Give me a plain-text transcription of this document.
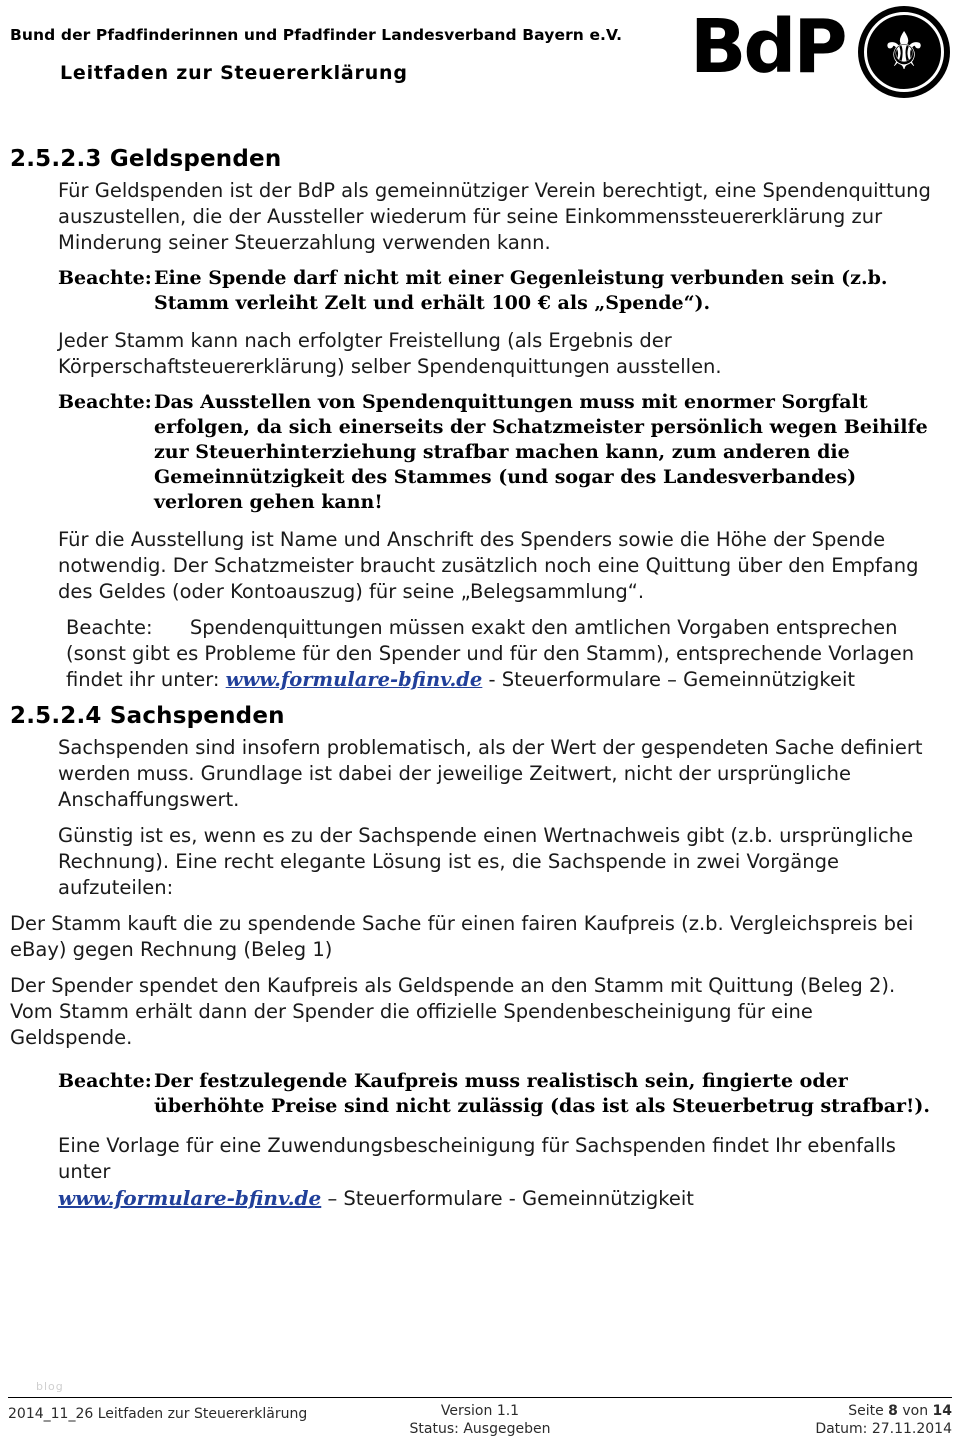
Bund der Pfadfinderinnen und Pfadfinder Landesverband Bayern e.V.
Leitfaden zur Steuererklärung	BdP ⚜
2.5.2.3 Geldspenden

Für Geldspenden ist der BdP als gemeinnütziger Verein berechtigt, eine Spendenquittung auszustellen, die der Aussteller wiederum für seine Einkommenssteuererklärung zur Minderung seiner Steuerzahlung verwenden kann.

Beachte: Eine Spende darf nicht mit einer Gegenleistung verbunden sein (z.b. Stamm verleiht Zelt und erhält 100 € als „Spende“).

Jeder Stamm kann nach erfolgter Freistellung (als Ergebnis der Körperschaftsteuererklärung) selber Spendenquittungen ausstellen.

Beachte: Das Ausstellen von Spendenquittungen muss mit enormer Sorgfalt erfolgen, da sich einerseits der Schatzmeister persönlich wegen Beihilfe zur Steuerhinterziehung strafbar machen kann, zum anderen die Gemeinnützigkeit des Stammes (und sogar des Landesverbandes) verloren gehen kann!

Für die Ausstellung ist Name und Anschrift des Spenders sowie die Höhe der Spende notwendig. Der Schatzmeister braucht zusätzlich noch eine Quittung über den Empfang des Geldes (oder Kontoauszug) für seine „Belegsammlung“.

Beachte: Spendenquittungen müssen exakt den amtlichen Vorgaben entsprechen (sonst gibt es Probleme für den Spender und für den Stamm), entsprechende Vorlagen findet ihr unter: www.formulare-bfinv.de - Steuerformulare – Gemeinnützigkeit

2.5.2.4 Sachspenden

Sachspenden sind insofern problematisch, als der Wert der gespendeten Sache definiert werden muss. Grundlage ist dabei der jeweilige Zeitwert, nicht der ursprüngliche Anschaffungswert.

Günstig ist es, wenn es zu der Sachspende einen Wertnachweis gibt (z.b. ursprüngliche Rechnung). Eine recht elegante Lösung ist es, die Sachspende in zwei Vorgänge aufzuteilen:

Der Stamm kauft die zu spendende Sache für einen fairen Kaufpreis (z.b. Vergleichspreis bei eBay) gegen Rechnung (Beleg 1)

Der Spender spendet den Kaufpreis als Geldspende an den Stamm mit Quittung (Beleg 2). Vom Stamm erhält dann der Spender die offizielle Spendenbescheinigung für eine Geldspende.

Beachte: Der festzulegende Kaufpreis muss realistisch sein, fingierte oder überhöhte Preise sind nicht zulässig (das ist als Steuerbetrug strafbar!).

Eine Vorlage für eine Zuwendungsbescheinigung für Sachspenden findet Ihr ebenfalls unter
www.formulare-bfinv.de – Steuerformulare - Gemeinnützigkeit

blog
2014_11_26 Leitfaden zur Steuererklärung	Version 1.1
Status: Ausgegeben
Seite 8 von 14
Datum: 27.11.2014
